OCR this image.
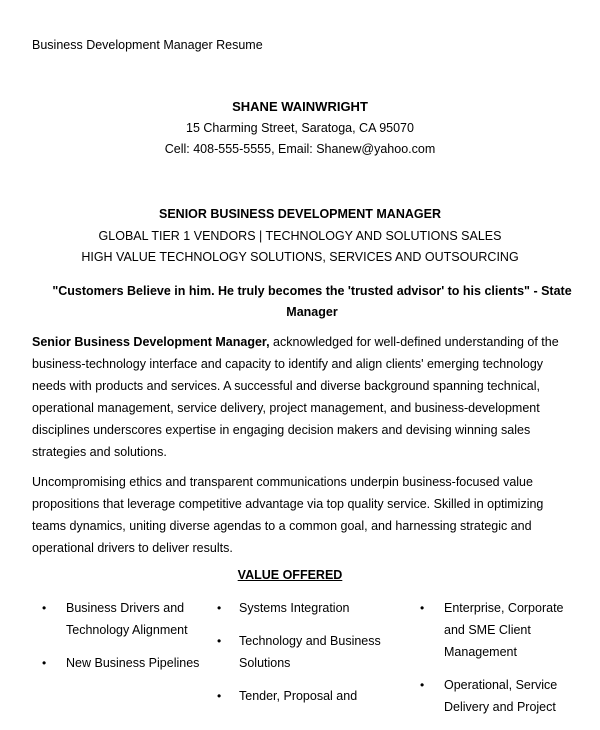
Business Development Manager Resume
SHANE WAINWRIGHT
15 Charming Street, Saratoga, CA 95070
Cell: 408-555-5555, Email: Shanew@yahoo.com
SENIOR BUSINESS DEVELOPMENT MANAGER
GLOBAL TIER 1 VENDORS | TECHNOLOGY AND SOLUTIONS SALES
HIGH VALUE TECHNOLOGY SOLUTIONS, SERVICES AND OUTSOURCING
"Customers Believe in him. He truly becomes the 'trusted advisor' to his clients" - State Manager

Senior Business Development Manager, acknowledged for well-defined understanding of the business-technology interface and capacity to identify and align clients' emerging technology needs with products and services. A successful and diverse background spanning technical, operational management, service delivery, project management, and business-development disciplines underscores expertise in engaging decision makers and devising winning sales strategies and solutions.

Uncompromising ethics and transparent communications underpin business-focused value propositions that leverage competitive advantage via top quality service. Skilled in optimizing teams dynamics, uniting diverse agendas to a common goal, and harnessing strategic and operational drivers to deliver results.

VALUE OFFERED
• Business Drivers and Technology Alignment
• New Business Pipelines
• Systems Integration
• Technology and Business Solutions
• Tender, Proposal and
• Enterprise, Corporate and SME Client Management
• Operational, Service Delivery and Project
